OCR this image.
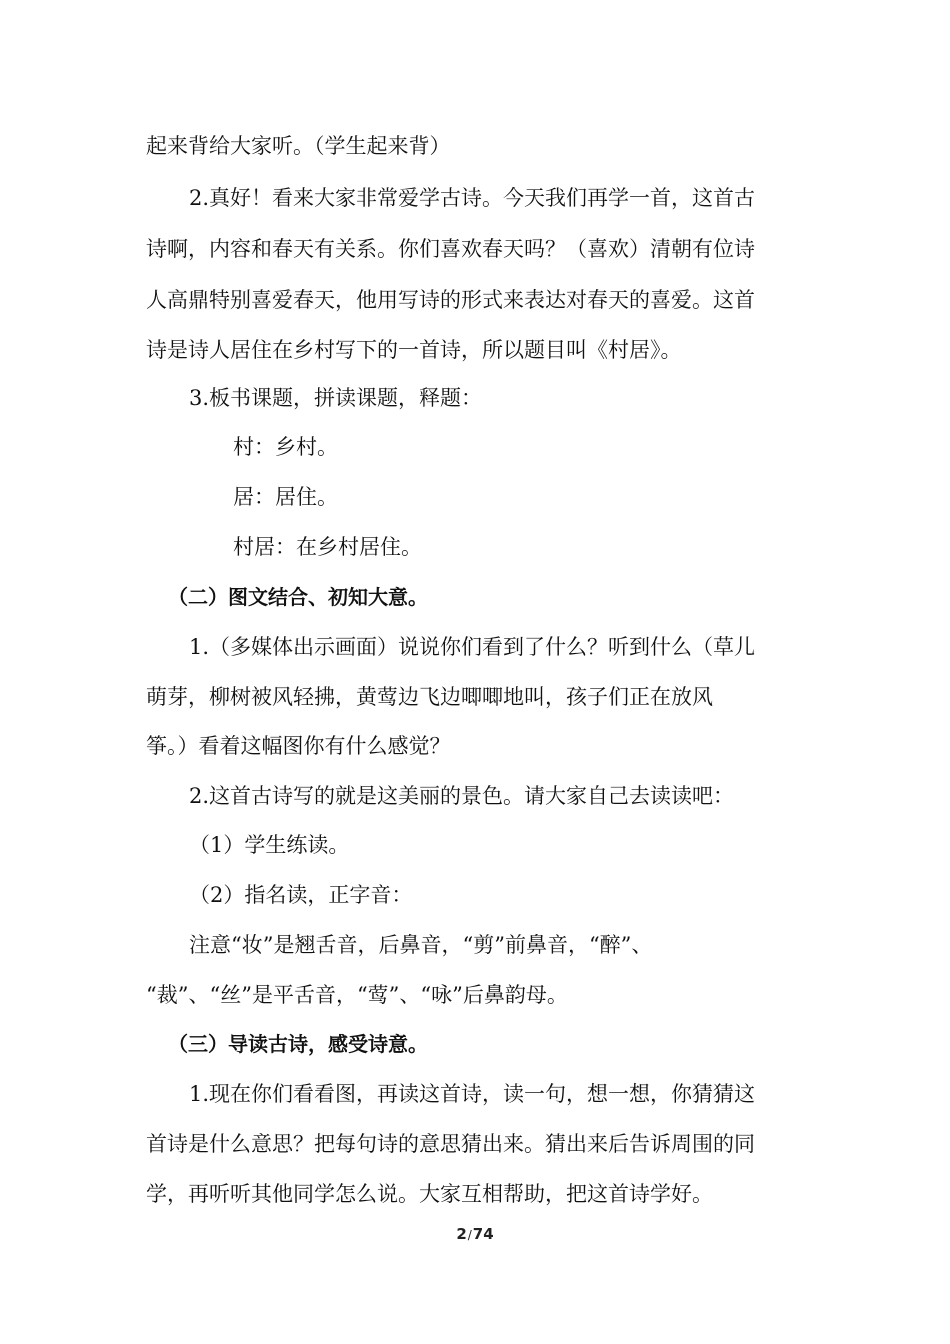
起来背给大家听。（学生起来背）
2.真好！看来大家非常爱学古诗。今天我们再学一首，这首古
诗啊，内容和春天有关系。你们喜欢春天吗？（喜欢）清朝有位诗
人高鼎特别喜爱春天，他用写诗的形式来表达对春天的喜爱。这首
诗是诗人居住在乡村写下的一首诗，所以题目叫《村居》。
3.板书课题，拼读课题，释题：
村：乡村。
居：居住。
村居：在乡村居住。
（二）图文结合、初知大意。
1.（多媒体出示画面）说说你们看到了什么？听到什么（草儿
萌芽，柳树被风轻拂，黄莺边飞边唧唧地叫，孩子们正在放风
筝。）看着这幅图你有什么感觉？
2.这首古诗写的就是这美丽的景色。请大家自己去读读吧：
（1）学生练读。
（2）指名读，正字音：
注意“妆”是翘舌音，后鼻音，“剪”前鼻音，“醉”、
“裁”、“丝”是平舌音，“莺”、“咏”后鼻韵母。
（三）导读古诗，感受诗意。
1.现在你们看看图，再读这首诗，读一句，想一想，你猜猜这
首诗是什么意思？把每句诗的意思猜出来。猜出来后告诉周围的同
学，再听听其他同学怎么说。大家互相帮助，把这首诗学好。
2/74
